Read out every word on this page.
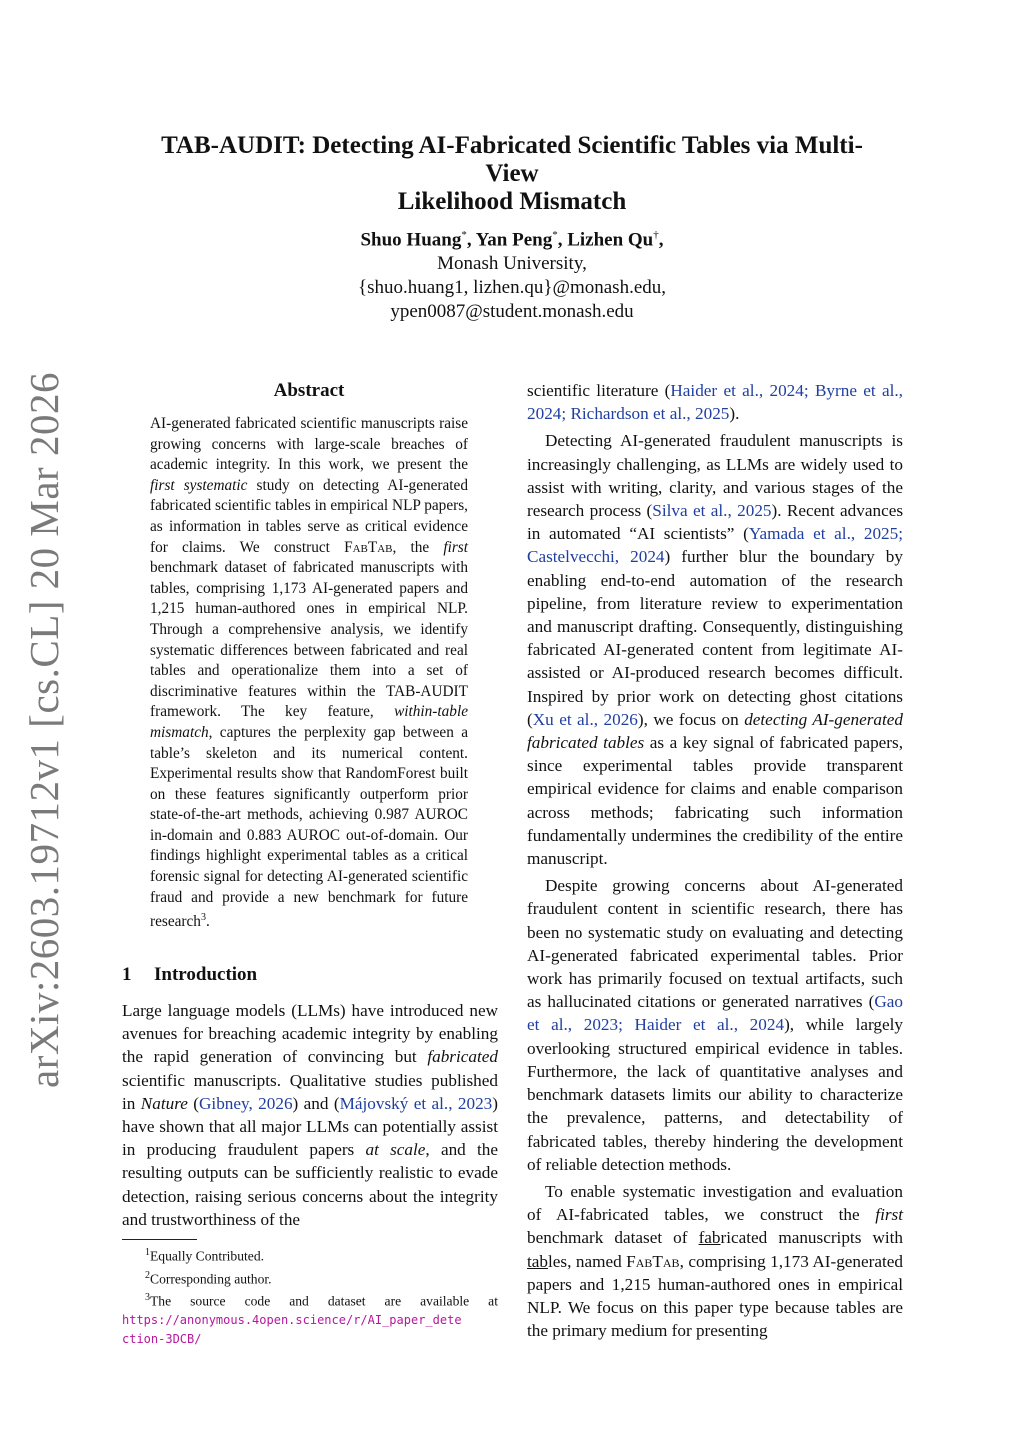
arXiv:2603.19712v1 [cs.CL] 20 Mar 2026
TAB-AUDIT: Detecting AI-Fabricated Scientific Tables via Multi-View
Likelihood Mismatch
Shuo Huang*, Yan Peng*, Lizhen Qu†,
Monash University,
{shuo.huang1, lizhen.qu}@monash.edu,
ypen0087@student.monash.edu
Abstract
AI-generated fabricated scientific manuscripts raise growing concerns with large-scale breaches of academic integrity. In this work, we present the first systematic study on detecting AI-generated fabricated scientific tables in empirical NLP papers, as information in tables serve as critical evidence for claims. We construct FabTab, the first benchmark dataset of fabricated manuscripts with tables, comprising 1,173 AI-generated papers and 1,215 human-authored ones in empirical NLP. Through a comprehensive analysis, we identify systematic differences between fabricated and real tables and operationalize them into a set of discriminative features within the TAB-AUDIT framework. The key feature, within-table mismatch, captures the perplexity gap between a table’s skeleton and its numerical content. Experimental results show that RandomForest built on these features significantly outperform prior state-of-the-art methods, achieving 0.987 AUROC in-domain and 0.883 AUROC out-of-domain. Our findings highlight experimental tables as a critical forensic signal for detecting AI-generated scientific fraud and provide a new benchmark for future research$^3$.
1 Introduction
Large language models (LLMs) have introduced new avenues for breaching academic integrity by enabling the rapid generation of convincing but fabricated scientific manuscripts. Qualitative studies published in Nature (Gibney, 2026) and (Májovský et al., 2023) have shown that all major LLMs can potentially assist in producing fraudulent papers at scale, and the resulting outputs can be sufficiently realistic to evade detection, raising serious concerns about the integrity and trustworthiness of the
$^1$Equally Contributed.
$^2$Corresponding author.
$^3$The source code and dataset are available at
https://anonymous.4open.science/r/AI_paper_detection-3DCB/

scientific literature (Haider et al., 2024; Byrne et al., 2024; Richardson et al., 2025).

Detecting AI-generated fraudulent manuscripts is increasingly challenging, as LLMs are widely used to assist with writing, clarity, and various stages of the research process (Silva et al., 2025). Recent advances in automated “AI scientists” (Yamada et al., 2025; Castelvecchi, 2024) further blur the boundary by enabling end-to-end automation of the research pipeline, from literature review to experimentation and manuscript drafting. Consequently, distinguishing fabricated AI-generated content from legitimate AI-assisted or AI-produced research becomes difficult. Inspired by prior work on detecting ghost citations (Xu et al., 2026), we focus on detecting AI-generated fabricated tables as a key signal of fabricated papers, since experimental tables provide transparent empirical evidence for claims and enable comparison across methods; fabricating such information fundamentally undermines the credibility of the entire manuscript.

Despite growing concerns about AI-generated fraudulent content in scientific research, there has been no systematic study on evaluating and detecting AI-generated fabricated experimental tables. Prior work has primarily focused on textual artifacts, such as hallucinated citations or generated narratives (Gao et al., 2023; Haider et al., 2024), while largely overlooking structured empirical evidence in tables. Furthermore, the lack of quantitative analyses and benchmark datasets limits our ability to characterize the prevalence, patterns, and detectability of fabricated tables, thereby hindering the development of reliable detection methods.

To enable systematic investigation and evaluation of AI-fabricated tables, we construct the first benchmark dataset of fabricated manuscripts with tables, named FabTab, comprising 1,173 AI-generated papers and 1,215 human-authored ones in empirical NLP. We focus on this paper type because tables are the primary medium for presenting
